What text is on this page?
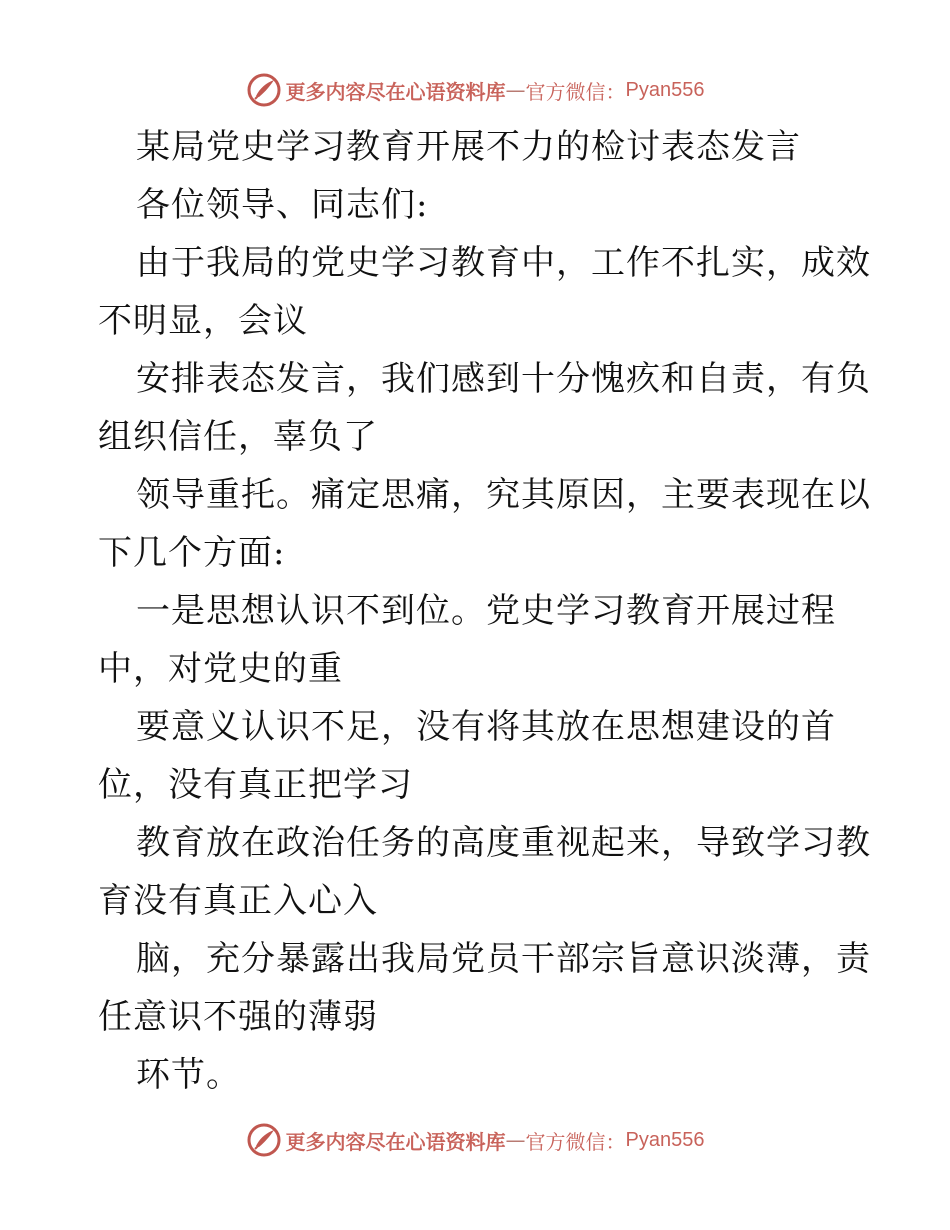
更多内容尽在心语资料库 — 官方微信： Pyan556
某局党史学习教育开展不力的检讨表态发言
各位领导、同志们:
由于我局的党史学习教育中，工作不扎实，成效
不明显，会议
安排表态发言，我们感到十分愧疚和自责，有负
组织信任，辜负了
领导重托。痛定思痛，究其原因，主要表现在以
下几个方面:
一是思想认识不到位。党史学习教育开展过程
中，对党史的重
要意义认识不足，没有将其放在思想建设的首
位，没有真正把学习
教育放在政治任务的高度重视起来，导致学习教
育没有真正入心入
脑，充分暴露出我局党员干部宗旨意识淡薄，责
任意识不强的薄弱
环节。
更多内容尽在心语资料库 — 官方微信： Pyan556
